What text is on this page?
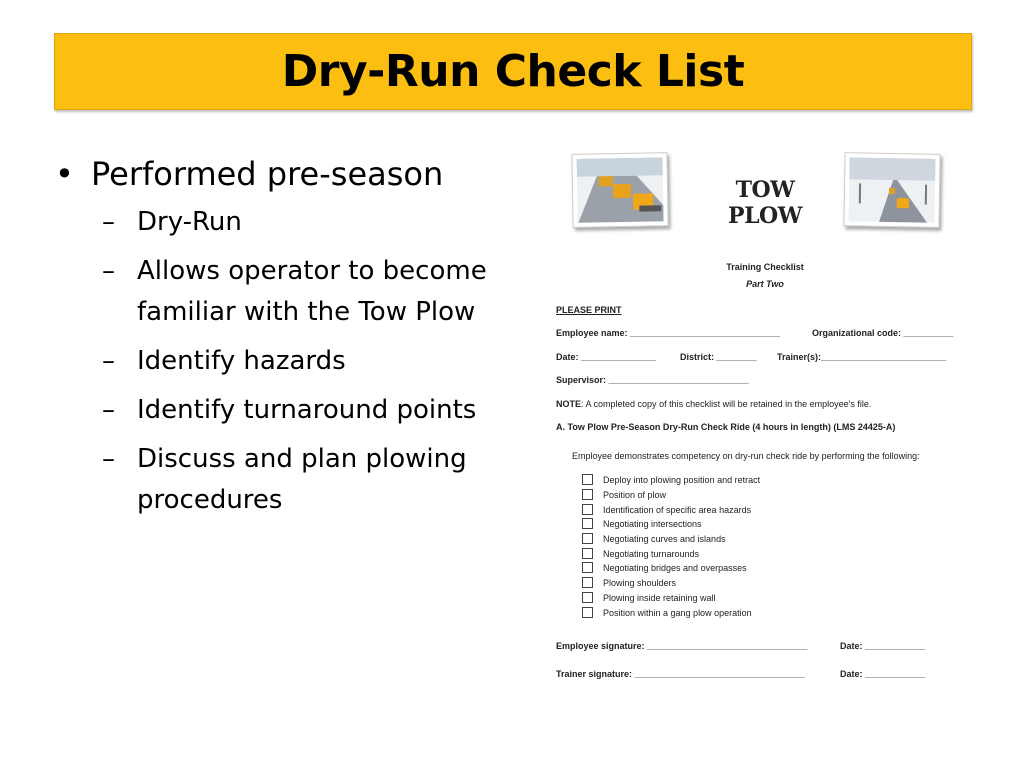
Dry-Run Check List
• Performed pre-season
– Dry-Run
– Allows operator to become familiar with the Tow Plow
– Identify hazards
– Identify turnaround points
– Discuss and plan plowing procedures
TOW PLOW
Training Checklist
Part Two
PLEASE PRINT
Employee name: ______________________________	Organizational code: __________
Date: _______________	District: ________ Trainer(s):_________________________
Supervisor: ____________________________
NOTE: A completed copy of this checklist will be retained in the employee's file.
A. Tow Plow Pre-Season Dry-Run Check Ride (4 hours in length) (LMS 24425-A)
Employee demonstrates competency on dry-run check ride by performing the following:
Deploy into plowing position and retract
Position of plow
Identification of specific area hazards
Negotiating intersections
Negotiating curves and islands
Negotiating turnarounds
Negotiating bridges and overpasses
Plowing shoulders
Plowing inside retaining wall
Position within a gang plow operation
Employee signature: ________________________________	Date: ____________
Trainer signature: __________________________________	Date: ____________
